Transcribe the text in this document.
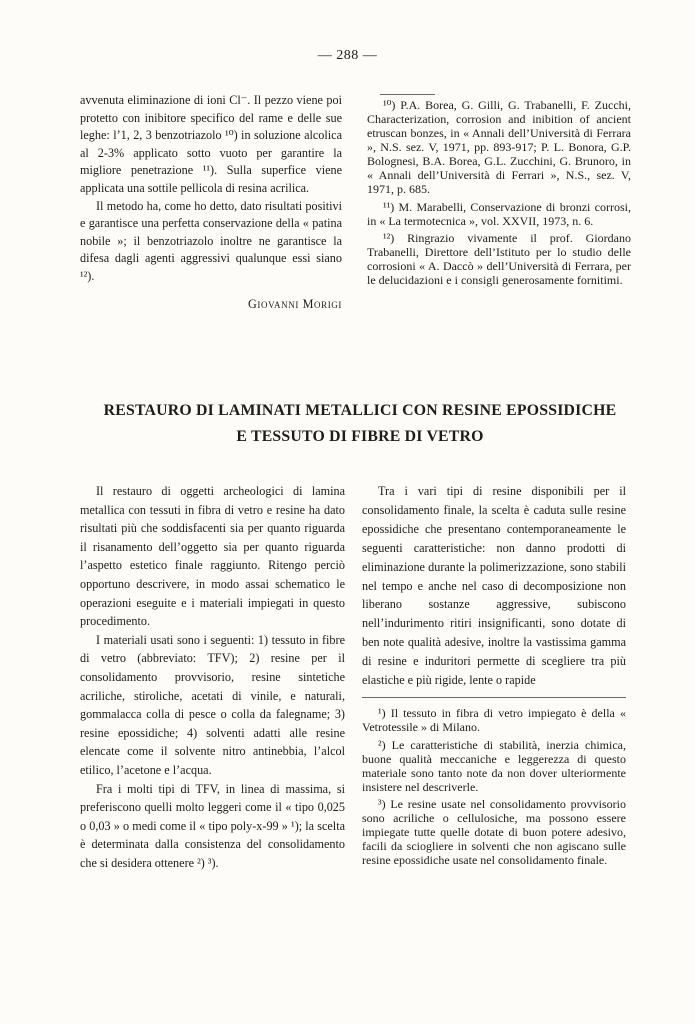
— 288 —

avvenuta eliminazione di ioni Cl⁻. Il pezzo viene poi protetto con inibitore specifico del rame e delle sue leghe: l’1, 2, 3 benzotriazolo ¹⁰) in soluzione alcolica al 2-3% applicato sotto vuoto per garantire la migliore penetrazione ¹¹). Sulla superfice viene applicata una sottile pellicola di resina acrilica.

Il metodo ha, come ho detto, dato risultati positivi e garantisce una perfetta conservazione della « patina nobile »; il benzotriazolo inoltre ne garantisce la difesa dagli agenti aggressivi qualunque essi siano ¹²).

Giovanni Morigi

¹⁰) P.A. Borea, G. Gilli, G. Trabanelli, F. Zucchi, Characterization, corrosion and inibition of ancient etruscan bonzes, in « Annali dell’Università di Ferrara », N.S. sez. V, 1971, pp. 893-917; P. L. Bonora, G.P. Bolognesi, B.A. Borea, G.L. Zucchini, G. Brunoro, in « Annali dell’Università di Ferrari », N.S., sez. V, 1971, p. 685.

¹¹) M. Marabelli, Conservazione di bronzi corrosi, in « La termotecnica », vol. XXVII, 1973, n. 6.

¹²) Ringrazio vivamente il prof. Giordano Trabanelli, Direttore dell’Istituto per lo studio delle corrosioni « A. Daccò » dell’Università di Ferrara, per le delucidazioni e i consigli generosamente fornitimi.

RESTAURO DI LAMINATI METALLICI CON RESINE EPOSSIDICHE
E TESSUTO DI FIBRE DI VETRO

Il restauro di oggetti archeologici di lamina metallica con tessuti in fibra di vetro e resine ha dato risultati più che soddisfacenti sia per quanto riguarda il risanamento dell’oggetto sia per quanto riguarda l’aspetto estetico finale raggiunto. Ritengo perciò opportuno descrivere, in modo assai schematico le operazioni eseguite e i materiali impiegati in questo procedimento.

I materiali usati sono i seguenti: 1) tessuto in fibre di vetro (abbreviato: TFV); 2) resine per il consolidamento provvisorio, resine sintetiche acriliche, stiroliche, acetati di vinile, e naturali, gommalacca colla di pesce o colla da falegname; 3) resine epossidiche; 4) solventi adatti alle resine elencate come il solvente nitro antinebbia, l’alcol etilico, l’acetone e l’acqua.

Fra i molti tipi di TFV, in linea di massima, si preferiscono quelli molto leggeri come il « tipo 0,025 o 0,03 » o medi come il « tipo poly-x-99 » ¹); la scelta è determinata dalla consistenza del consolidamento che si desidera ottenere ²) ³).

Tra i vari tipi di resine disponibili per il consolidamento finale, la scelta è caduta sulle resine epossidiche che presentano contemporaneamente le seguenti caratteristiche: non danno prodotti di eliminazione durante la polimerizzazione, sono stabili nel tempo e anche nel caso di decomposizione non liberano sostanze aggressive, subiscono nell’indurimento ritiri insignificanti, sono dotate di ben note qualità adesive, inoltre la vastissima gamma di resine e induritori permette di scegliere tra più elastiche e più rigide, lente o rapide

¹) Il tessuto in fibra di vetro impiegato è della « Vetrotessile » di Milano.

²) Le caratteristiche di stabilità, inerzia chimica, buone qualità meccaniche e leggerezza di questo materiale sono tanto note da non dover ulteriormente insistere nel descriverle.

³) Le resine usate nel consolidamento provvisorio sono acriliche o cellulosiche, ma possono essere impiegate tutte quelle dotate di buon potere adesivo, facili da sciogliere in solventi che non agiscano sulle resine epossidiche usate nel consolidamento finale.
